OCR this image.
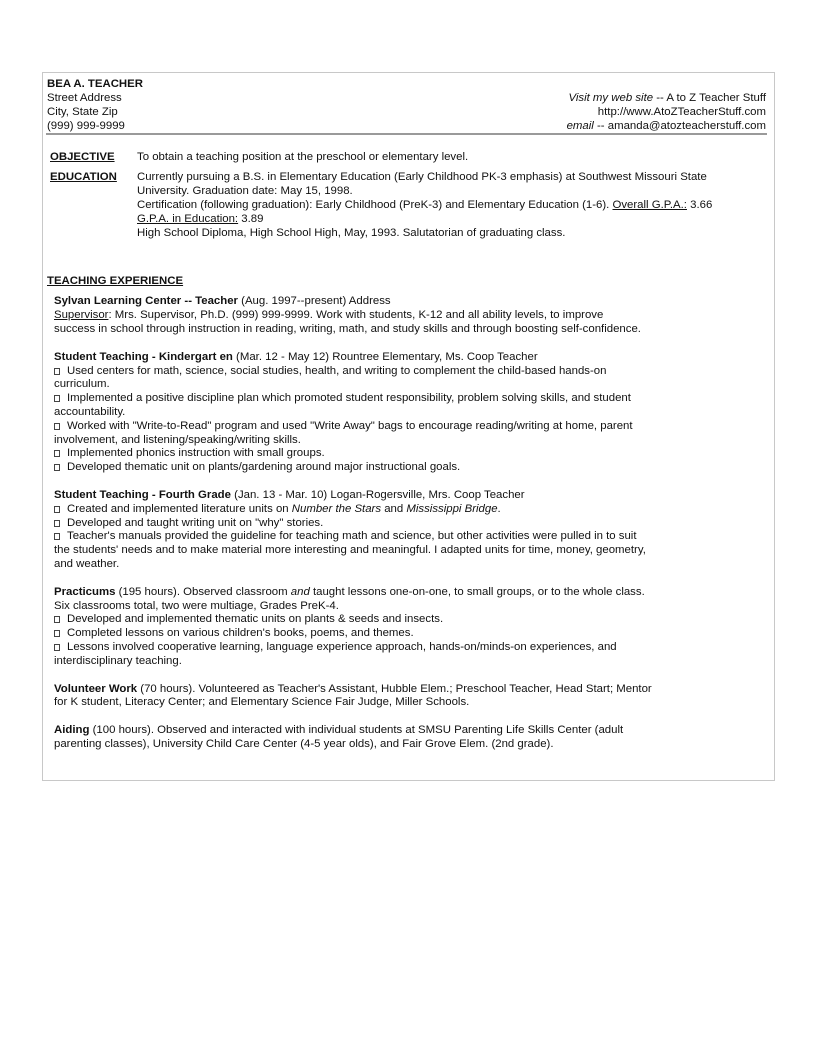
BEA A. TEACHER
Street Address
City, State Zip
(999) 999-9999
Visit my web site -- A to Z Teacher Stuff
http://www.AtoZTeacherStuff.com
email -- amanda@atozteacherstuff.com
OBJECTIVE To obtain a teaching position at the preschool or elementary level.
EDUCATION Currently pursuing a B.S. in Elementary Education (Early Childhood PK-3 emphasis) at Southwest Missouri State
University. Graduation date: May 15, 1998.
Certification (following graduation): Early Childhood (PreK-3) and Elementary Education (1-6). Overall G.P.A.: 3.66
G.P.A. in Education: 3.89
High School Diploma, High School High, May, 1993. Salutatorian of graduating class.
TEACHING EXPERIENCE
Sylvan Learning Center -- Teacher (Aug. 1997--present) Address
Supervisor: Mrs. Supervisor, Ph.D. (999) 999-9999. Work with students, K-12 and all ability levels, to improve
success in school through instruction in reading, writing, math, and study skills and through boosting self-confidence.
Student Teaching - Kindergart en (Mar. 12 - May 12) Rountree Elementary, Ms. Coop Teacher
Used centers for math, science, social studies, health, and writing to complement the child-based hands-on
curriculum.
Implemented a positive discipline plan which promoted student responsibility, problem solving skills, and student
accountability.
Worked with "Write-to-Read" program and used "Write Away" bags to encourage reading/writing at home, parent
involvement, and listening/speaking/writing skills.
Implemented phonics instruction with small groups.
Developed thematic unit on plants/gardening around major instructional goals.
Student Teaching - Fourth Grade (Jan. 13 - Mar. 10) Logan-Rogersville, Mrs. Coop Teacher
Created and implemented literature units on Number the Stars and Mississippi Bridge.
Developed and taught writing unit on "why" stories.
Teacher's manuals provided the guideline for teaching math and science, but other activities were pulled in to suit
the students' needs and to make material more interesting and meaningful. I adapted units for time, money, geometry,
and weather.
Practicums (195 hours). Observed classroom and taught lessons one-on-one, to small groups, or to the whole class.
Six classrooms total, two were multiage, Grades PreK-4.
Developed and implemented thematic units on plants & seeds and insects.
Completed lessons on various children's books, poems, and themes.
Lessons involved cooperative learning, language experience approach, hands-on/minds-on experiences, and
interdisciplinary teaching.
Volunteer Work (70 hours). Volunteered as Teacher's Assistant, Hubble Elem.; Preschool Teacher, Head Start; Mentor
for K student, Literacy Center; and Elementary Science Fair Judge, Miller Schools.
Aiding (100 hours). Observed and interacted with individual students at SMSU Parenting Life Skills Center (adult
parenting classes), University Child Care Center (4-5 year olds), and Fair Grove Elem. (2nd grade).
